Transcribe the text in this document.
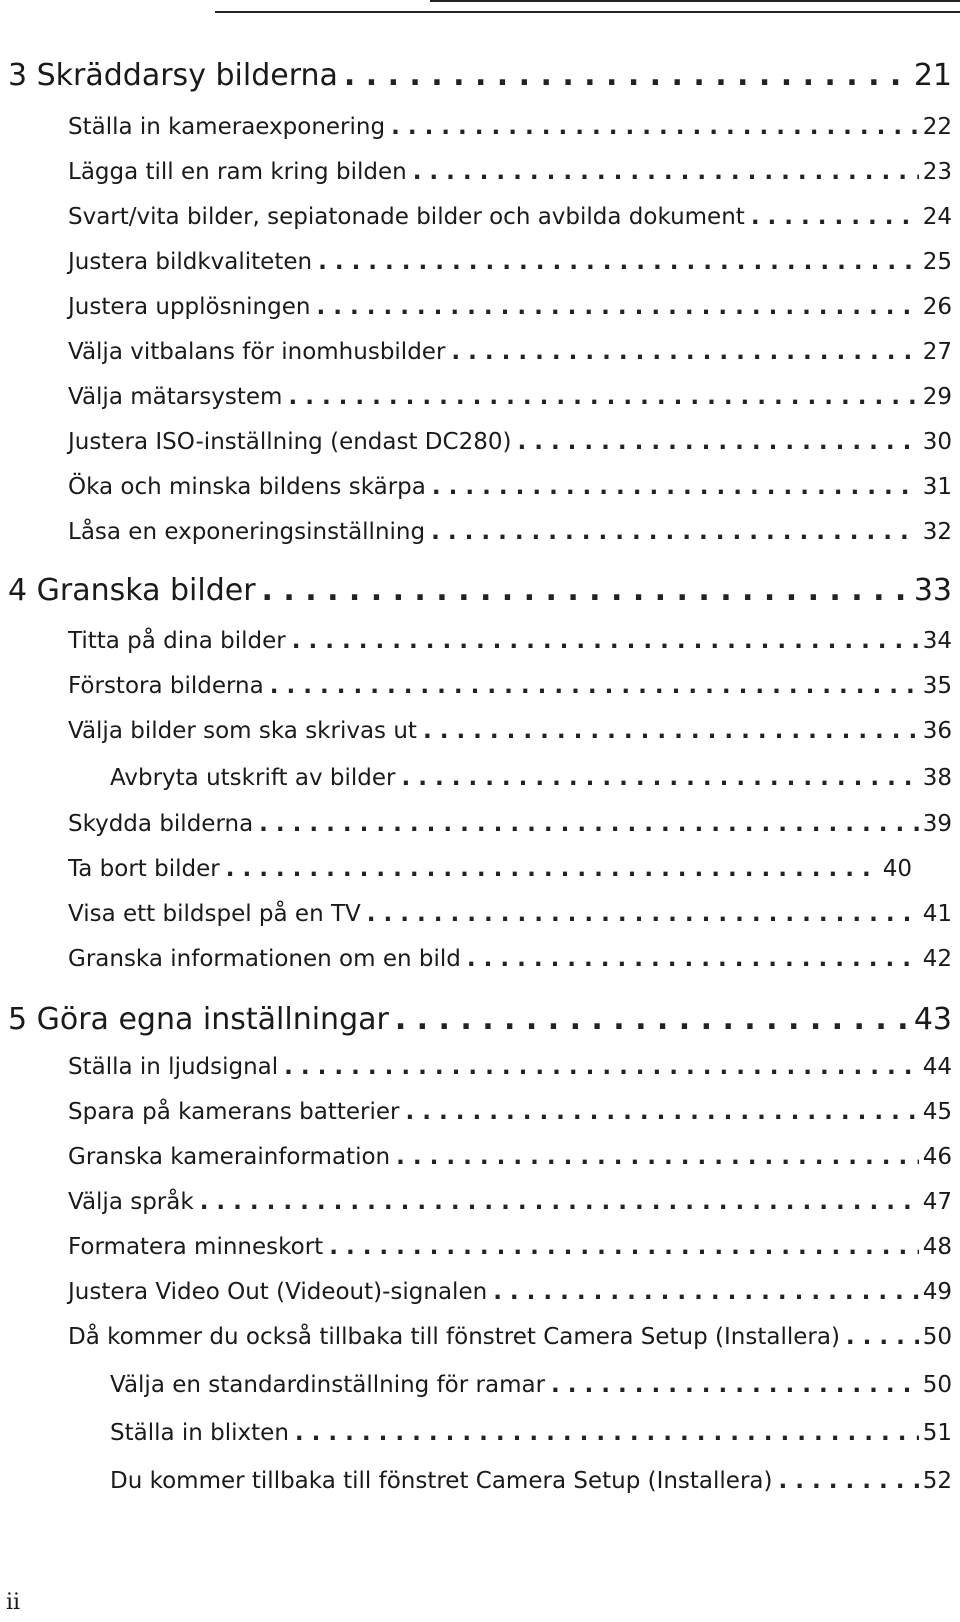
3 Skräddarsy bilderna . . .	21
Ställa in kameraexponering . . .	22
Lägga till en ram kring bilden . . .	23
Svart/vita bilder, sepiatonade bilder och avbilda dokument . . .	24
Justera bildkvaliteten . . .	25
Justera upplösningen . . .	26
Välja vitbalans för inomhusbilder . . .	27
Välja mätarsystem . . .	29
Justera ISO-inställning (endast DC280) . . .	30
Öka och minska bildens skärpa . . .	31
Låsa en exponeringsinställning . . .	32
4 Granska bilder . . .	33
Titta på dina bilder . . .	34
Förstora bilderna . . .	35
Välja bilder som ska skrivas ut . . .	36
Avbryta utskrift av bilder . . .	38
Skydda bilderna . . .	39
Ta bort bilder . . .	40
Visa ett bildspel på en TV . . .	41
Granska informationen om en bild . . .	42
5 Göra egna inställningar . . .	43
Ställa in ljudsignal . . .	44
Spara på kamerans batterier . . .	45
Granska kamerainformation . . .	46
Välja språk . . .	47
Formatera minneskort . . .	48
Justera Video Out (Videout)-signalen . . .	49
Då kommer du också tillbaka till fönstret Camera Setup (Installera) . . .	50
Välja en standardinställning för ramar . . .	50
Ställa in blixten . . .	51
Du kommer tillbaka till fönstret Camera Setup (Installera) . . .	52
ii
